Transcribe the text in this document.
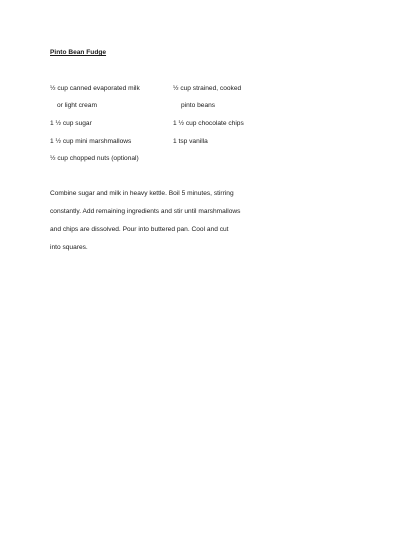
Pinto Bean Fudge
½ cup canned evaporated milk
or light cream
1 ½ cup sugar
1 ½ cup mini marshmallows
½ cup chopped nuts (optional)
½ cup strained, cooked
pinto beans
1 ½ cup chocolate chips
1 tsp vanilla
Combine sugar and milk in heavy kettle. Boil 5 minutes, stirring
constantly. Add remaining ingredients and stir until marshmallows
and chips are dissolved. Pour into buttered pan. Cool and cut
into squares.
